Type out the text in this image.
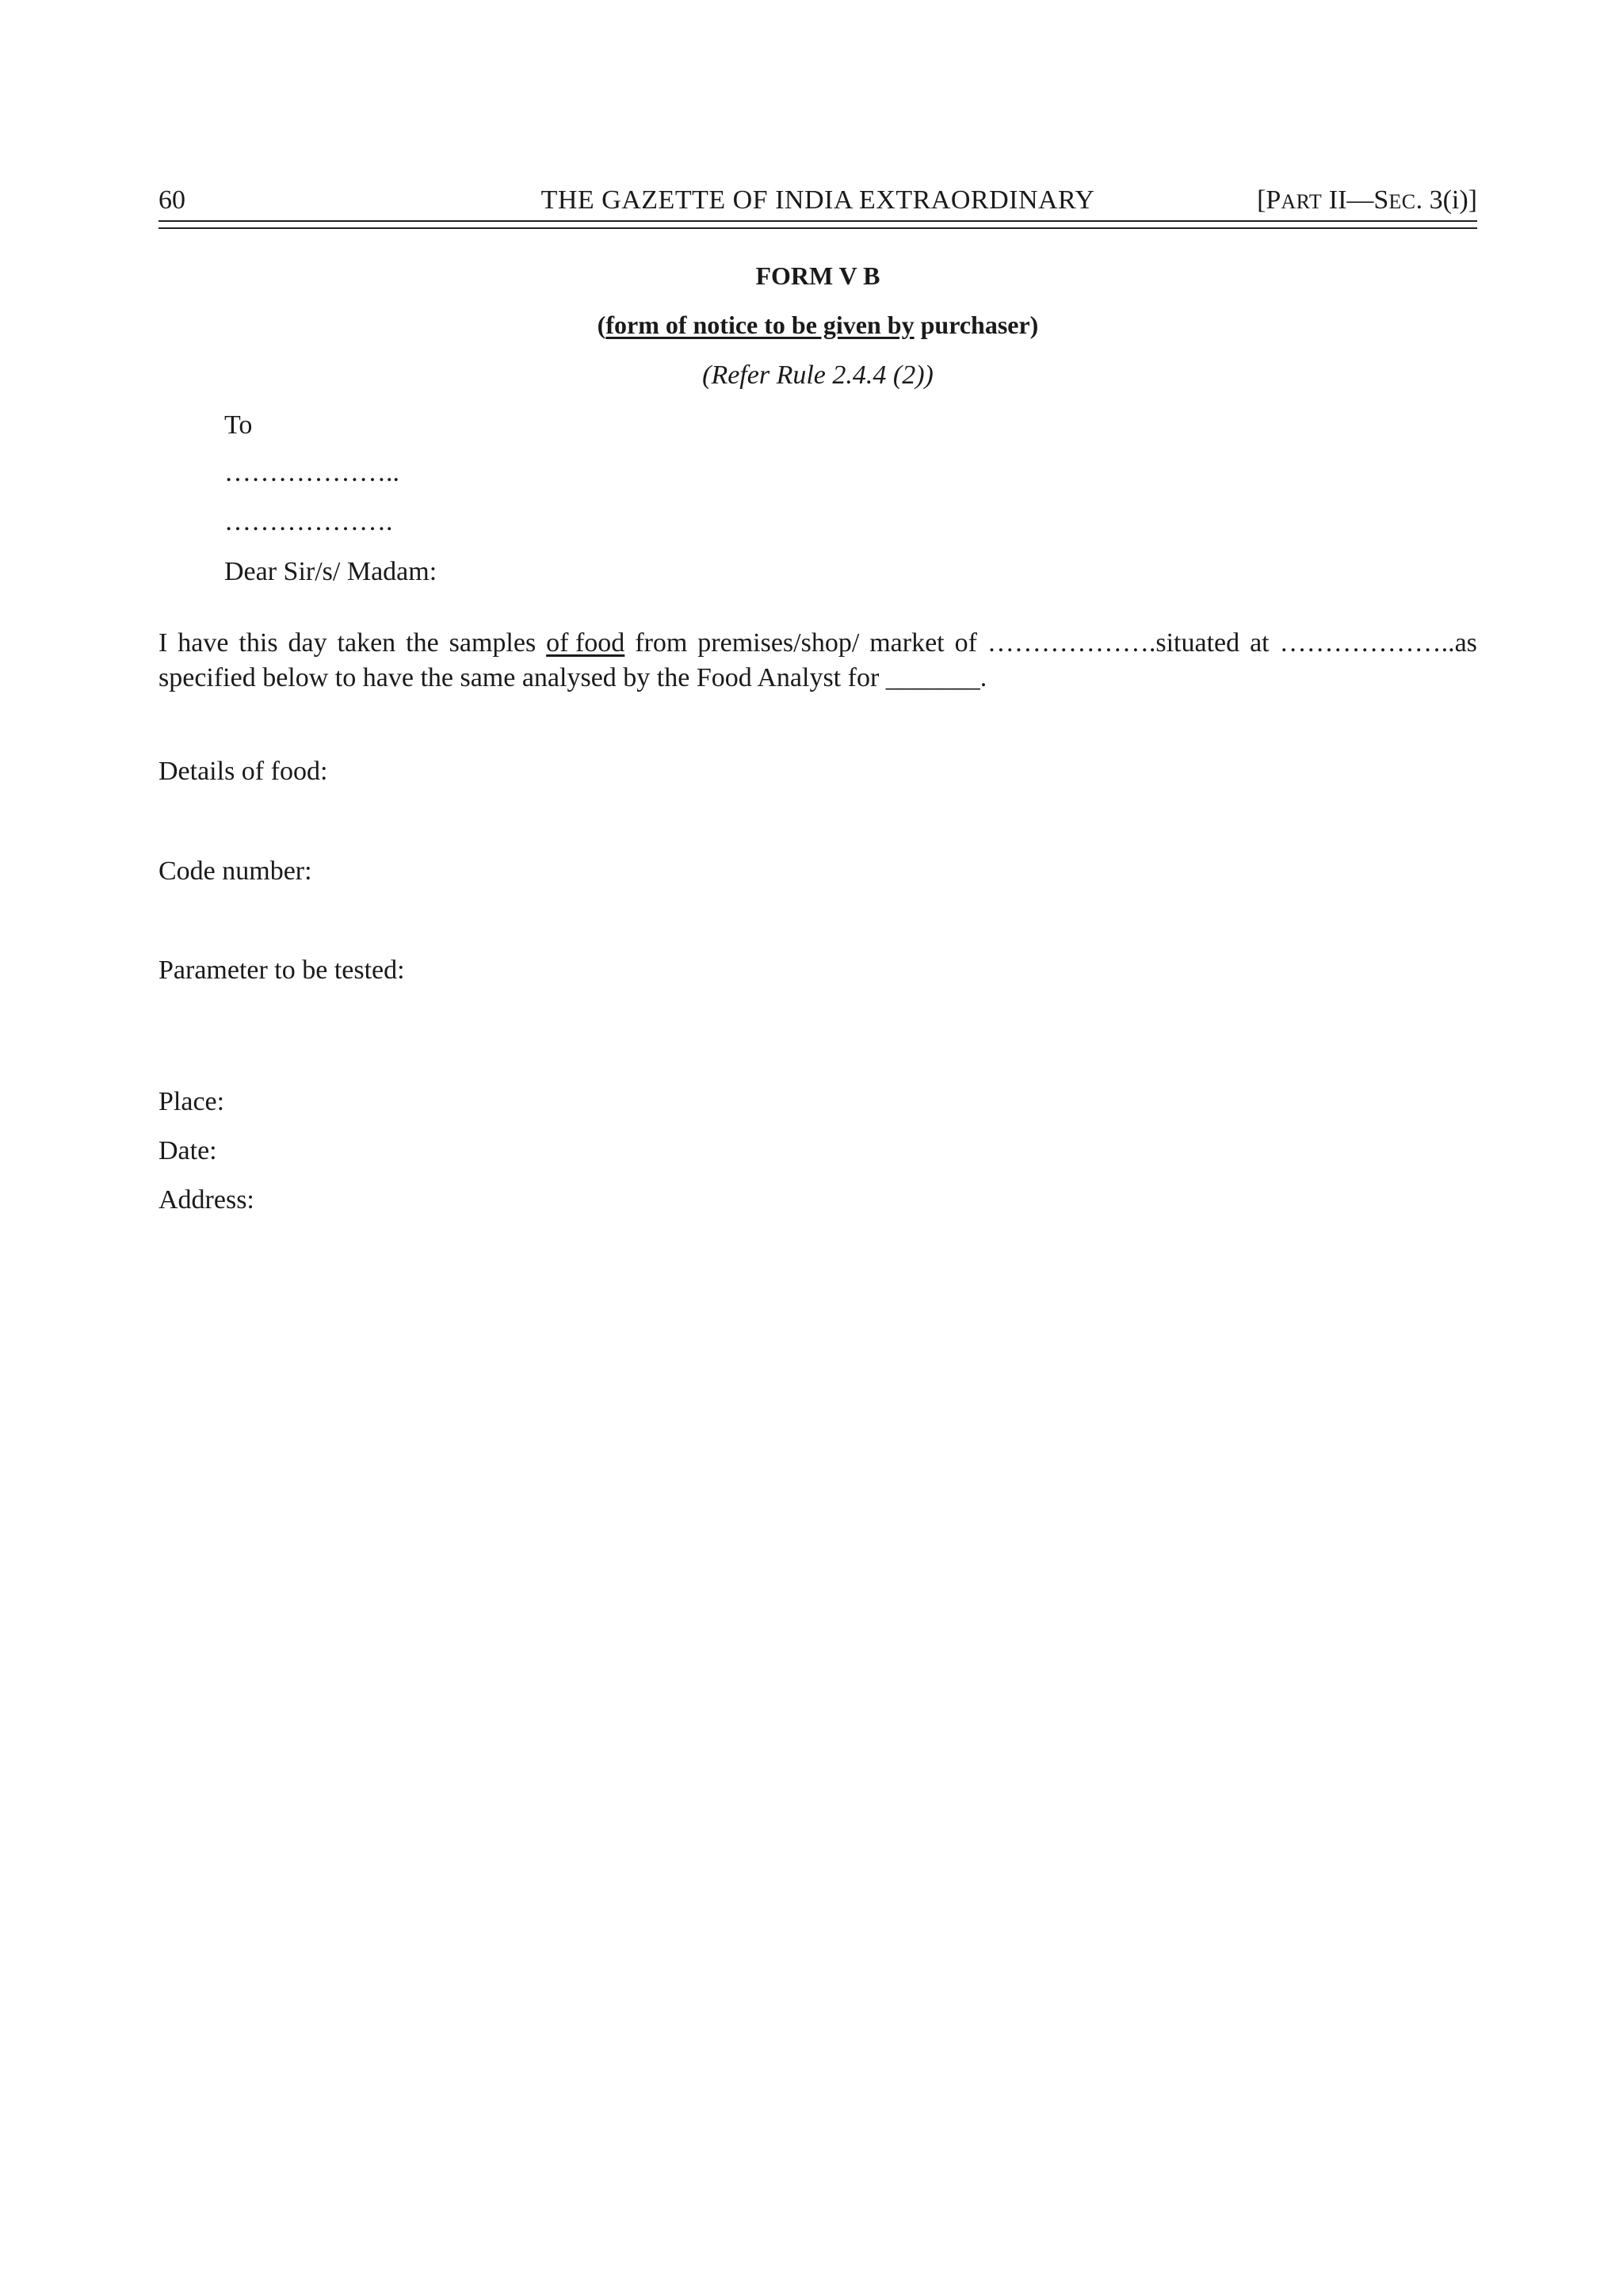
60	THE GAZETTE OF INDIA EXTRAORDINARY	[PART II—SEC. 3(i)]
FORM V B
(form of notice to be given by purchaser)
(Refer Rule 2.4.4 (2))
To
………………..
……………….
Dear Sir/s/ Madam:
I have this day taken the samples of food from premises/shop/ market of ……………….situated at ………………..as
specified below to have the same analysed by the Food Analyst for _______.
Details of food:
Code number:
Parameter to be tested:
Place:
Date:
Address:
